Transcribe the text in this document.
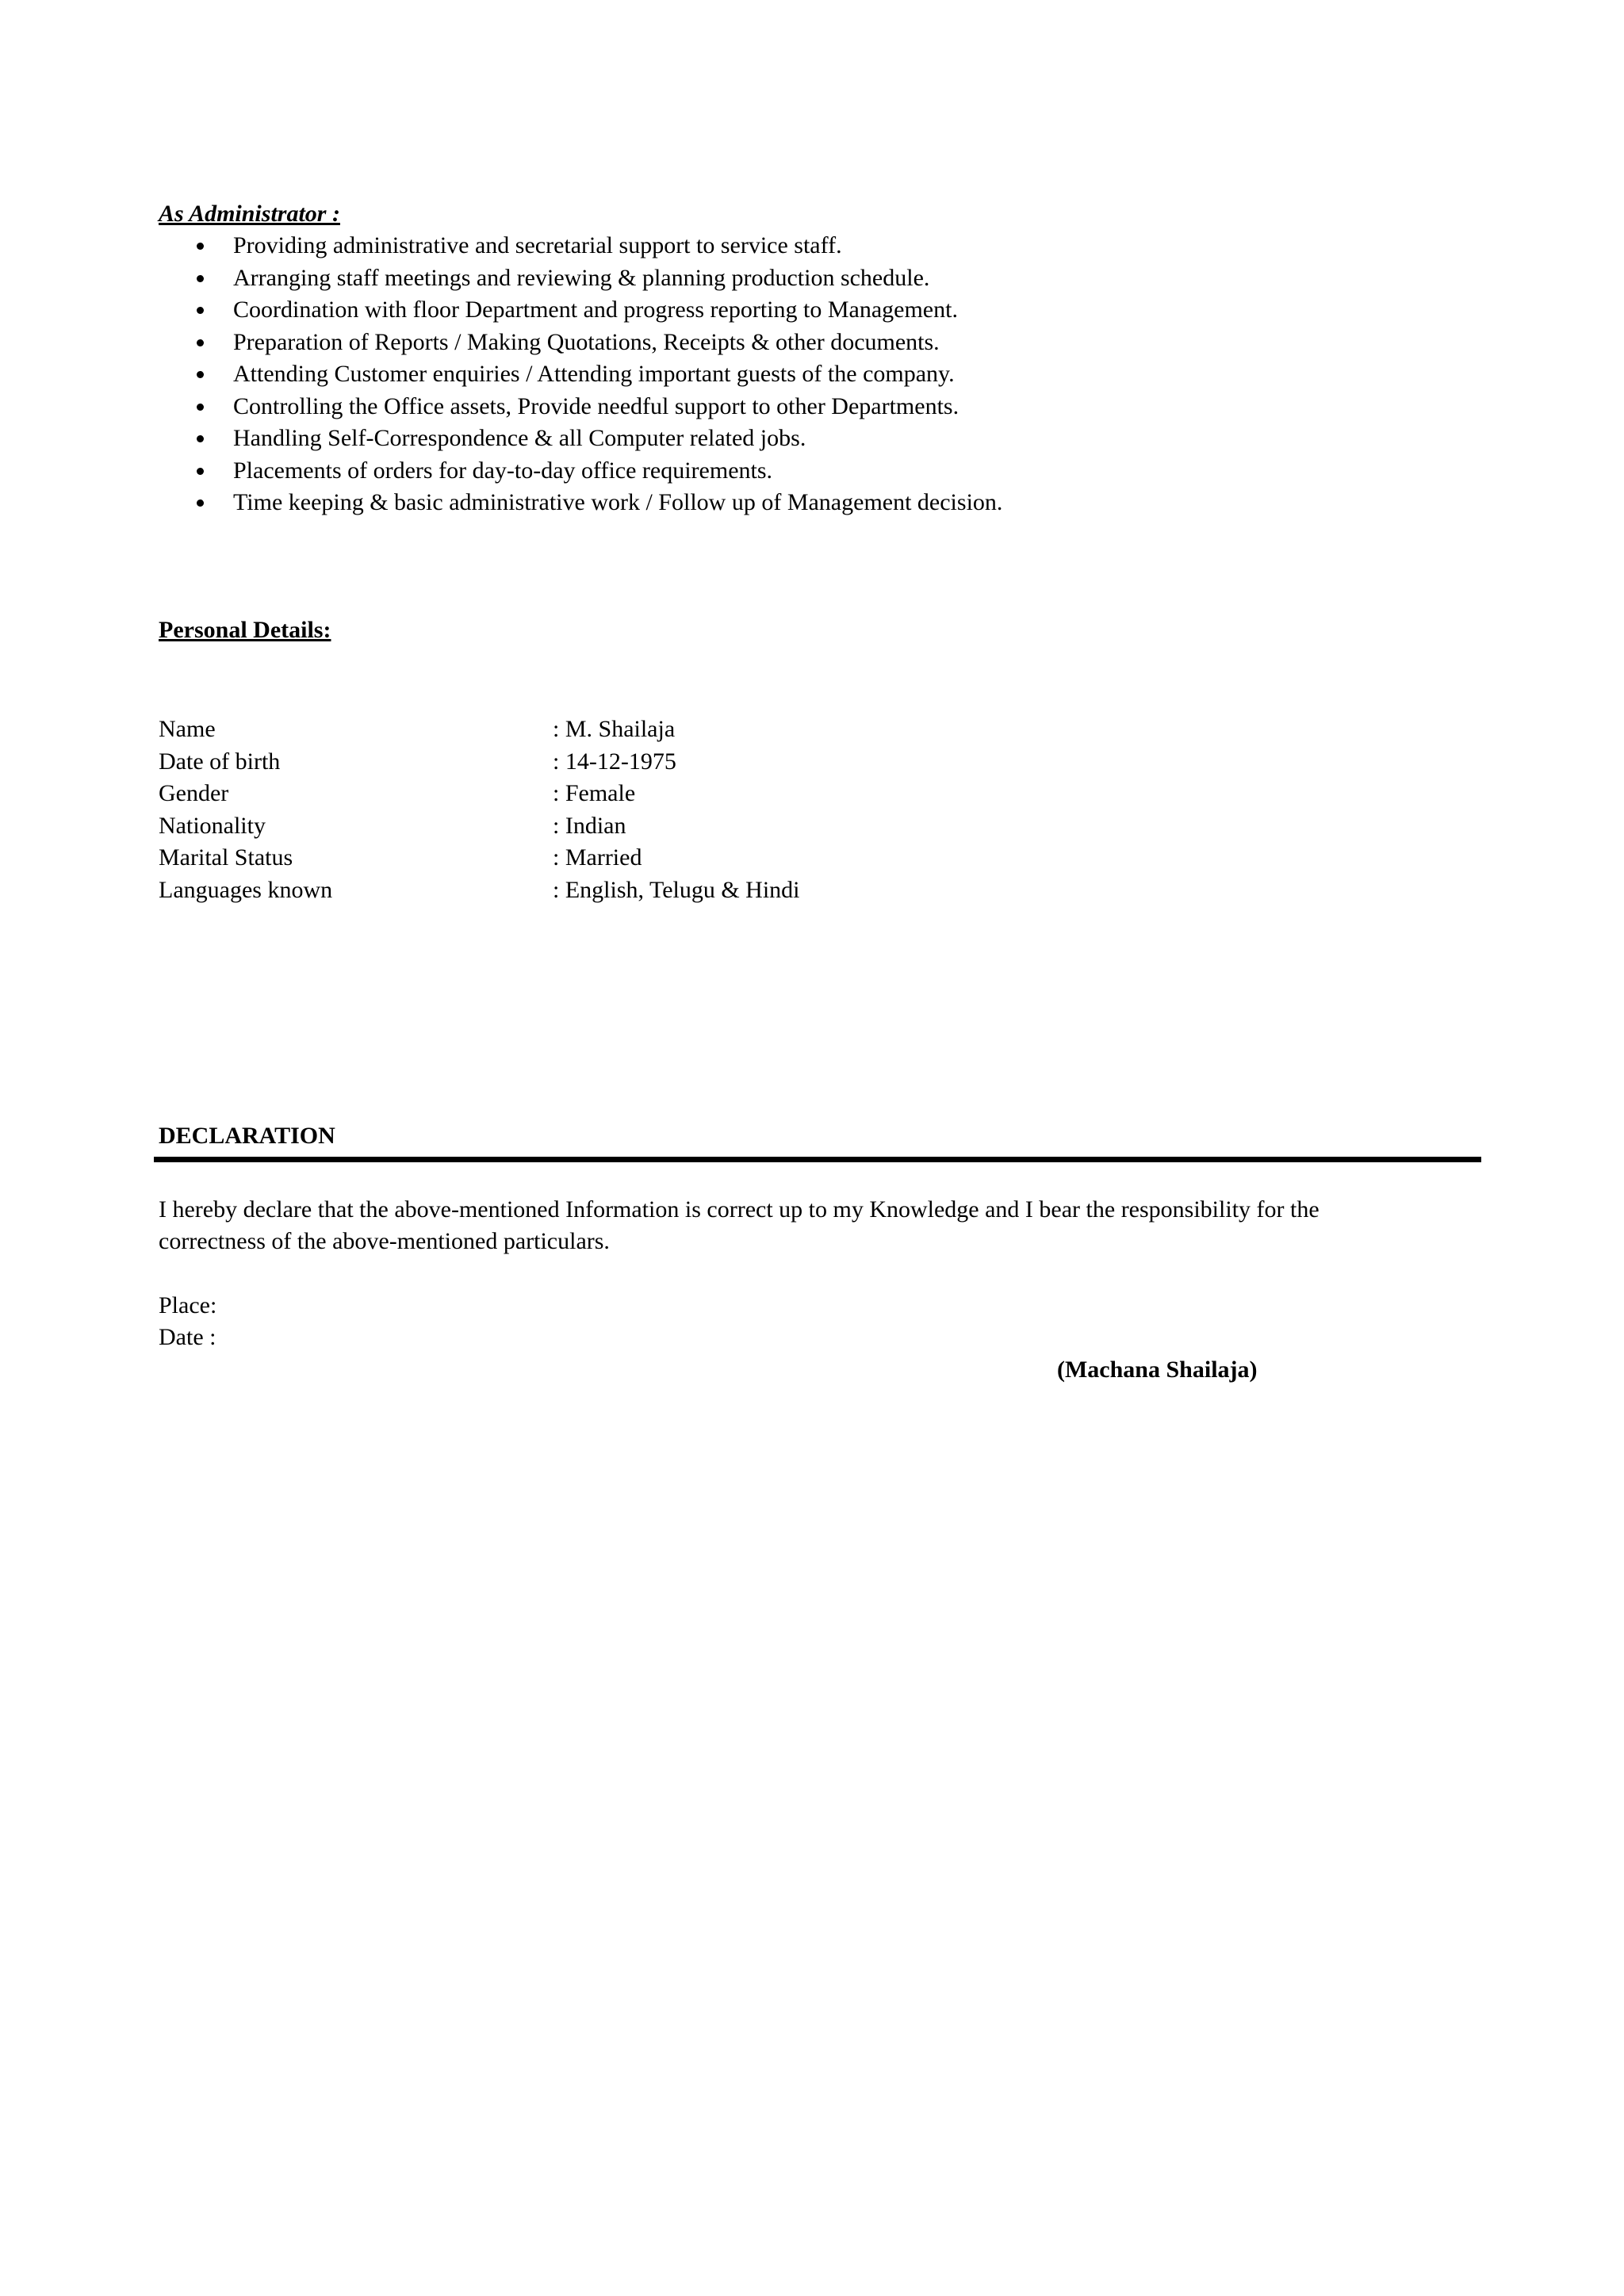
As Administrator :

Providing administrative and secretarial support to service staff.
Arranging staff meetings and reviewing & planning production schedule.
Coordination with floor Department and progress reporting to Management.
Preparation of Reports / Making Quotations, Receipts & other documents.
Attending Customer enquiries / Attending important guests of the company.
Controlling the Office assets, Provide needful support to other Departments.
Handling Self-Correspondence & all Computer related jobs.
Placements of orders for day-to-day office requirements.
Time keeping & basic administrative work / Follow up of Management decision.

Personal Details:

Name	: M. Shailaja
Date of birth	: 14-12-1975
Gender	: Female
Nationality	: Indian
Marital Status	: Married
Languages known	: English, Telugu & Hindi

DECLARATION

I hereby declare that the above-mentioned Information is correct up to my Knowledge and I bear the responsibility for the correctness of the above-mentioned particulars.

Place:

Date :

(Machana Shailaja)
